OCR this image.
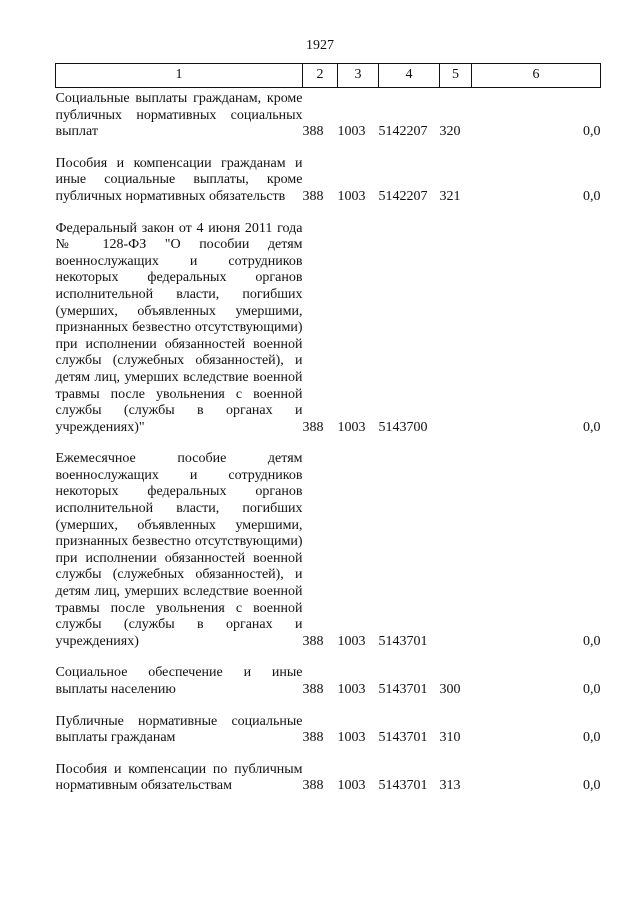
1927
1	2	3	4	5	6
Социальные выплаты гражданам, кроме публичных нормативных социальных выплат	388	1003	5142207	320	0,0
Пособия и компенсации гражданам и иные социальные выплаты, кроме публичных нормативных обязательств	388	1003	5142207	321	0,0
Федеральный закон от 4 июня 2011 года № 128-ФЗ "О пособии детям военнослужащих и сотрудников некоторых федеральных органов исполнительной власти, погибших (умерших, объявленных умершими, признанных безвестно отсутствующими) при исполнении обязанностей военной службы (служебных обязанностей), и детям лиц, умерших вследствие военной травмы после увольнения с военной службы (службы в органах и учреждениях)"	388	1003	5143700		0,0
Ежемесячное пособие детям военнослужащих и сотрудников некоторых федеральных органов исполнительной власти, погибших (умерших, объявленных умершими, признанных безвестно отсутствующими) при исполнении обязанностей военной службы (служебных обязанностей), и детям лиц, умерших вследствие военной травмы после увольнения с военной службы (службы в органах и учреждениях)	388	1003	5143701		0,0
Социальное обеспечение и иные выплаты населению	388	1003	5143701	300	0,0
Публичные нормативные социальные выплаты гражданам	388	1003	5143701	310	0,0
Пособия и компенсации по публичным нормативным обязательствам	388	1003	5143701	313	0,0
